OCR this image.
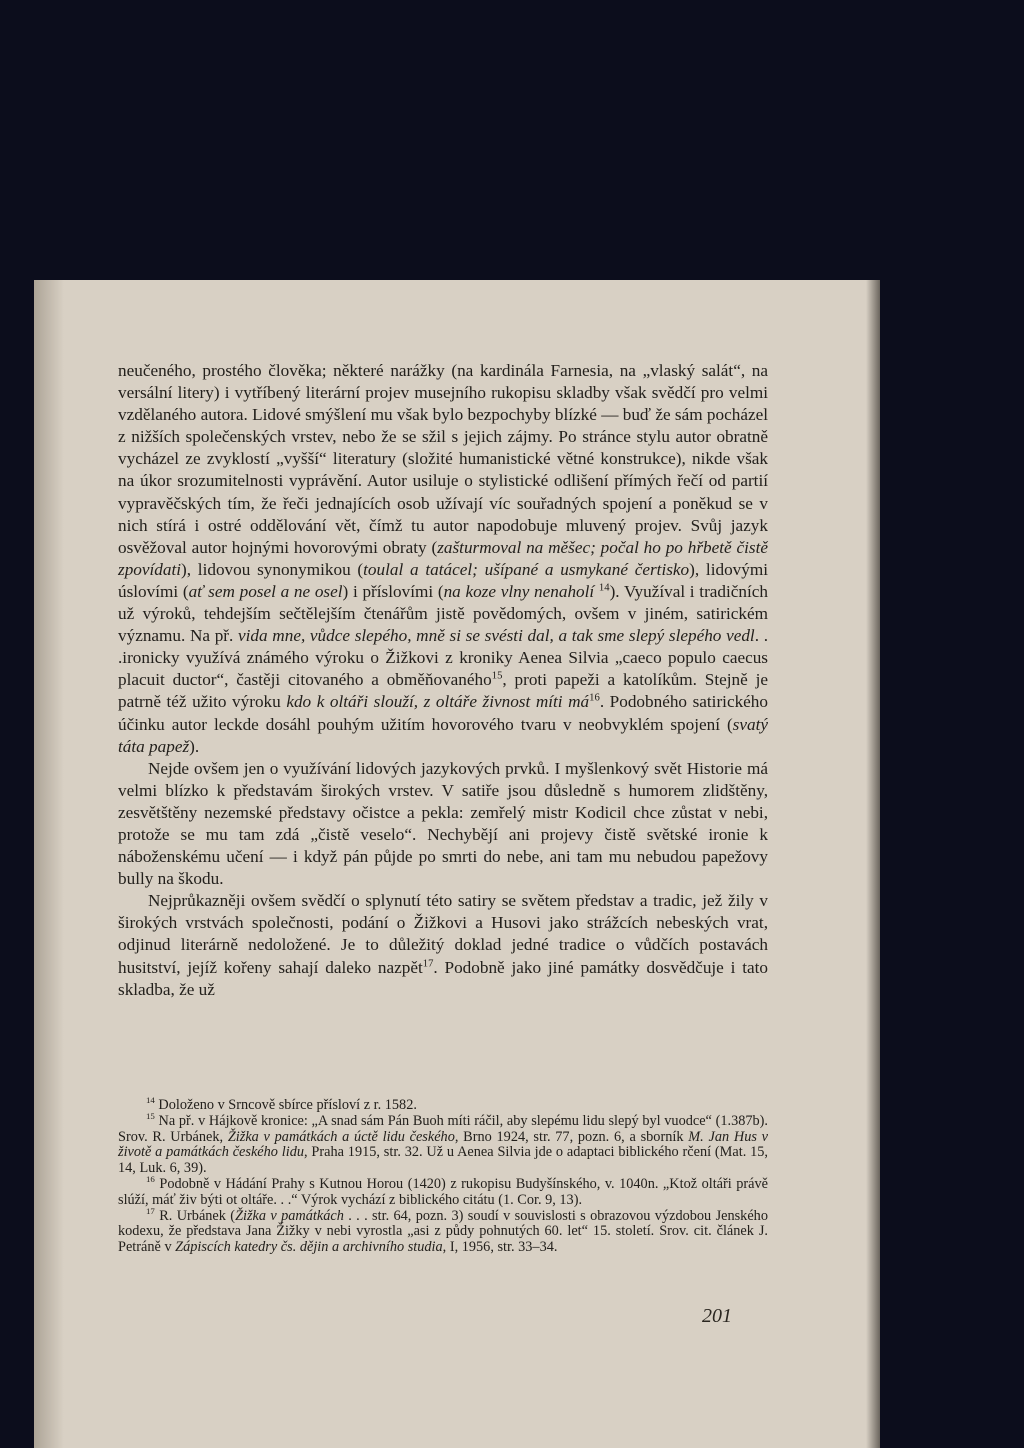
neučeného, prostého člověka; některé narážky (na kardinála Farnesia, na „vlaský salát“, na versální litery) i vytříbený literární projev musejního rukopisu skladby však svědčí pro velmi vzdělaného autora. Lidové smýšlení mu však bylo bezpochyby blízké — buď že sám pocházel z nižších společenských vrstev, nebo že se sžil s jejich zájmy. Po stránce stylu autor obratně vycházel ze zvyklostí „vyšší“ literatury (složité humanistické větné konstrukce), nikde však na úkor srozumitelnosti vyprávění. Autor usiluje o stylistické odlišení přímých řečí od partií vypravěčských tím, že řeči jednajících osob užívají víc souřadných spojení a poněkud se v nich stírá i ostré oddělování vět, čímž tu autor napodobuje mluvený projev. Svůj jazyk osvěžoval autor hojnými hovorovými obraty (zašturmoval na měšec; počal ho po hřbetě čistě zpovídati), lidovou synonymikou (toulal a tatácel; ušípané a usmykané čertisko), lidovými úslovími (ať sem posel a ne osel) i příslovími (na koze vlny nenaholí $^{14}$). Využíval i tradičních už výroků, tehdejším sečtělejším čtenářům jistě povědomých, ovšem v jiném, satirickém významu. Na př. vida mne, vůdce slepého, mně si se svésti dal, a tak sme slepý slepého vedl. . .ironicky využívá známého výroku o Žižkovi z kroniky Aenea Silvia „caeco populo caecus placuit ductor“, častěji citovaného a obměňovaného$^{15}$, proti papeži a katolíkům. Stejně je patrně též užito výroku kdo k oltáři slouží, z oltáře živnost míti $má^{16}$. Podobného satirického účinku autor leckde dosáhl pouhým užitím hovorového tvaru v neobvyklém spojení (svatý táta papež).

Nejde ovšem jen o využívání lidových jazykových prvků. I myšlenkový svět Historie má velmi blízko k představám širokých vrstev. V satiře jsou důsledně s humorem zlidštěny, zesvětštěny nezemské představy očistce a pekla: zemřelý mistr Kodicil chce zůstat v nebi, protože se mu tam zdá „čistě veselo“. Nechybějí ani projevy čistě světské ironie k náboženskému učení — i když pán půjde po smrti do nebe, ani tam mu nebudou papežovy bully na škodu.

Nejprůkazněji ovšem svědčí o splynutí této satiry se světem představ a tradic, jež žily v širokých vrstvách společnosti, podání o Žižkovi a Husovi jako strážcích nebeských vrat, odjinud literárně nedoložené. Je to důležitý doklad jedné tradice o vůdčích postavách husitství, jejíž kořeny sahají daleko nazpět$^{17}$. Podobně jako jiné památky dosvědčuje i tato skladba, že už

$^{14}$ Doloženo v Srncově sbírce přísloví z r. 1582.

$^{15}$ Na př. v Hájkově kronice: „A snad sám Pán Buoh míti ráčil, aby slepému lidu slepý byl vuodce“ (1.387b). Srov. R. Urbánek, Žižka v památkách a úctě lidu českého, Brno 1924, str. 77, pozn. 6, a sborník M. Jan Hus v životě a památkách českého lidu, Praha 1915, str. 32. Už u Aenea Silvia jde o adaptaci biblického rčení (Mat. 15, 14, Luk. 6, 39).

$^{16}$ Podobně v Hádání Prahy s Kutnou Horou (1420) z rukopisu Budyšínského, v. 1040n. „Ktož oltáři právě slúží, máť živ býti ot oltáře. . .“ Výrok vychází z biblického citátu (1. Cor. 9, 13).

$^{17}$ R. Urbánek (Žižka v památkách . . . str. 64, pozn. 3) soudí v souvislosti s obrazovou výzdobou Jenského kodexu, že představa Jana Žižky v nebi vyrostla „asi z půdy pohnutých 60. let“ 15. století. Srov. cit. článek J. Petráně v Zápiscích katedry čs. dějin a archivního studia, I, 1956, str. 33–34.

201
